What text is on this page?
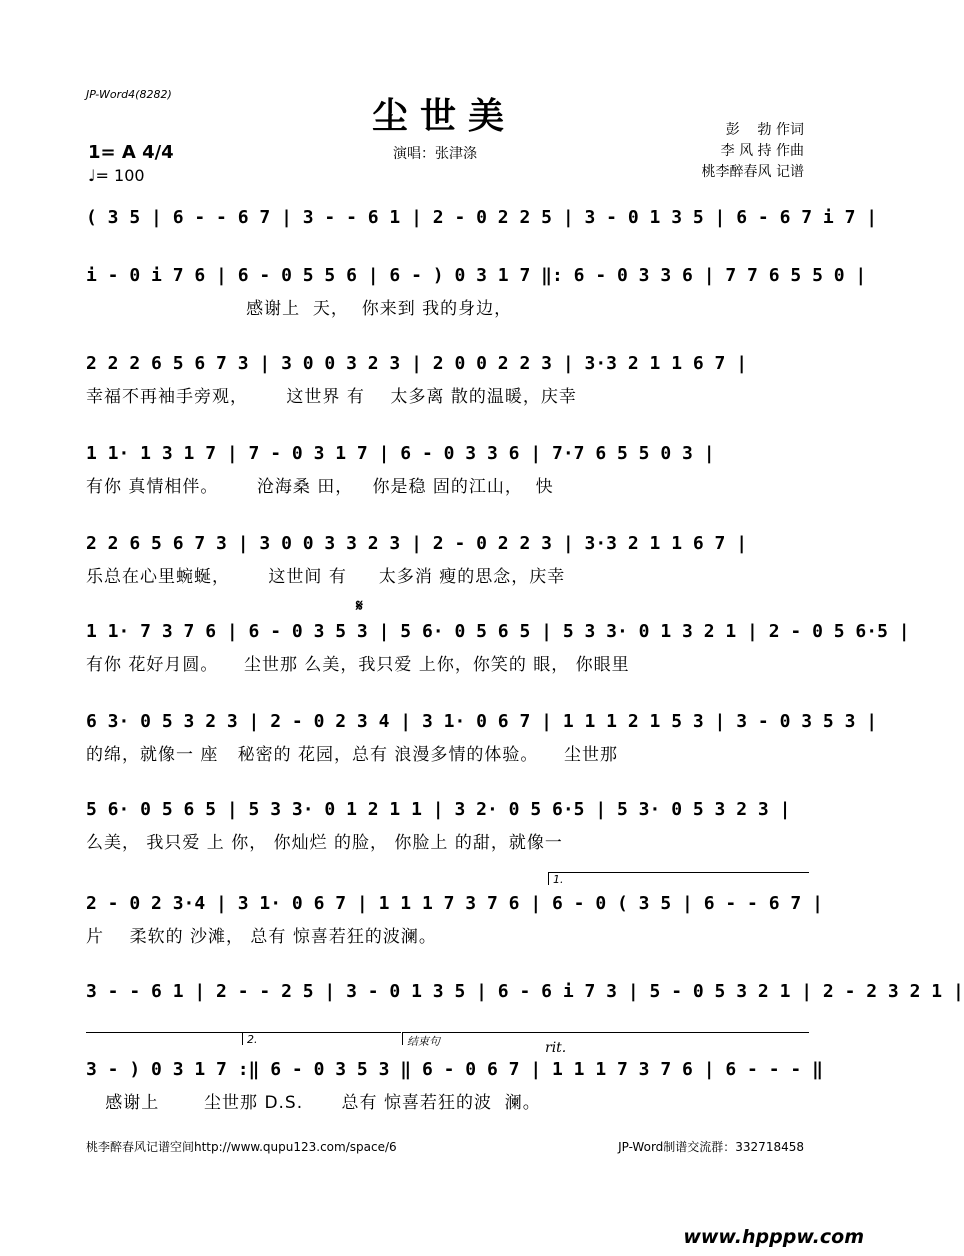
JP-Word4(8282)
尘世美
演唱：张津涤
彭    勃 作词
李 风 持 作曲
桃李醉春风 记谱
1= A 4/4
♩= 100
( 3 5 | 6 - - 6 7 | 3 - - 6 1 | 2 - 0 2 2 5 | 3 - 0 1 3 5 | 6 - 6 7 i 7 |
i - 0 i 7 6 | 6 - 0 5 5 6 | 6 - ) 0 3 1 7 ‖: 6 - 0 3 3 6 | 7 7 6 5 5 0 |
感谢上  天，  你来到 我的身边，
2 2 2 6 5 6 7 3 | 3 0 0 3 2 3 | 2 0 0 2 2 3 | 3·3 2 1 1 6 7 |
幸福不再袖手旁观，      这世界 有    太多离 散的温暖，庆幸
1 1· 1 3 1 7 | 7 - 0 3 1 7 | 6 - 0 3 3 6 | 7·7 6 5 5 0 3 |
有你 真情相伴。      沧海桑 田，   你是稳 固的江山，  快
2 2 6 5 6 7 3 | 3 0 0 3 3 2 3 | 2 - 0 2 2 3 | 3·3 2 1 1 6 7 |
乐总在心里蜿蜒，      这世间 有     太多消 瘦的思念，庆幸
𝄋
1 1· 7 3 7 6 | 6 - 0 3 5 3 | 5 6· 0 5 6 5 | 5 3 3· 0 1 3 2 1 | 2 - 0 5 6·5 |
有你 花好月圆。    尘世那 么美，我只爱 上你，你笑的 眼， 你眼里
6 3· 0 5 3 2 3 | 2 - 0 2 3 4 | 3 1· 0 6 7 | 1 1 1 2 1 5 3 | 3 - 0 3 5 3 |
的绵，就像一 座   秘密的 花园，总有 浪漫多情的体验。    尘世那
5 6· 0 5 6 5 | 5 3 3· 0 1 2 1 1 | 3 2· 0 5 6·5 | 5 3· 0 5 3 2 3 |
么美， 我只爱 上 你， 你灿烂 的脸， 你脸上 的甜，就像一
1.
2 - 0 2 3·4 | 3 1· 0 6 7 | 1 1 1 7 3 7 6 | 6 - 0 ( 3 5 | 6 - - 6 7 |
片    柔软的 沙滩， 总有 惊喜若狂的波澜。
3 - - 6 1 | 2 - - 2 5 | 3 - 0 1 3 5 | 6 - 6 i 7 3 | 5 - 0 5 3 2 1 | 2 - 2 3 2 1 |
2.	结束句	rit.
3 - ) 0 3 1 7 :‖ 6 - 0 3 5 3 ‖ 6 - 0 6 7 | 1 1 1 7 3 7 6 | 6 - - - ‖
感谢上       尘世那 D.S.      总有 惊喜若狂的波  澜。
桃李醉春风记谱空间http://www.qupu123.com/space/6	JP-Word制谱交流群：332718458
www.hpppw.com
